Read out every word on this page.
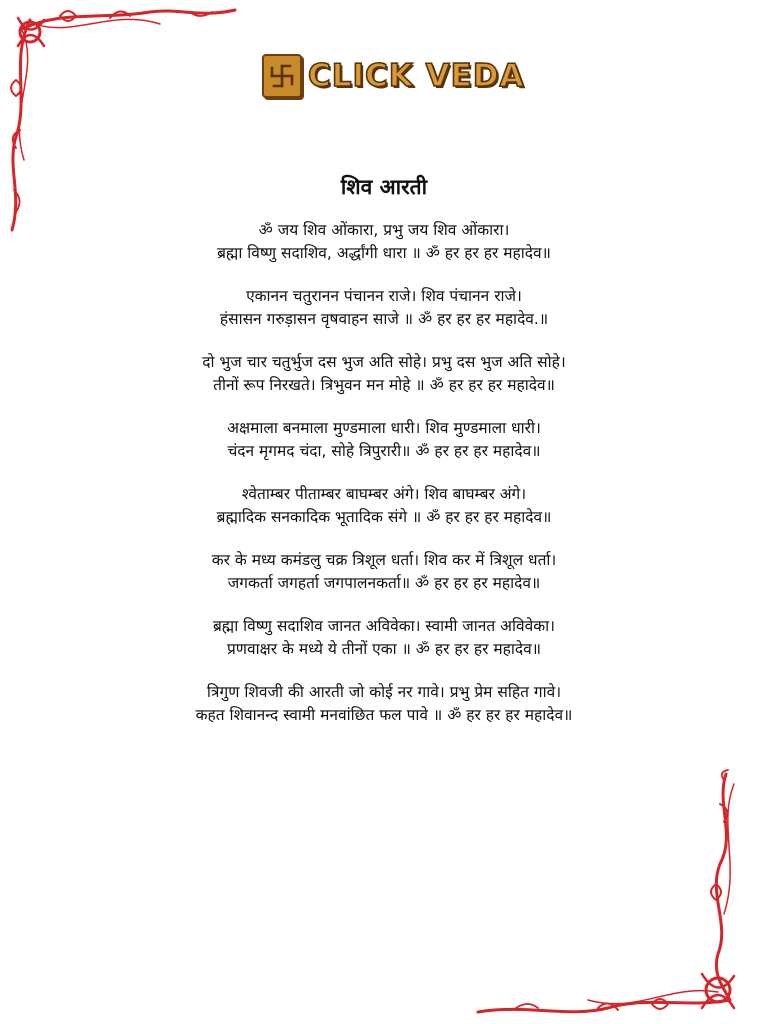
CLICK VEDA
शिव आरती
ॐ जय शिव ओंकारा, प्रभु जय शिव ओंकारा।
ब्रह्मा विष्णु सदाशिव, अर्द्धांगी धारा ॥ ॐ हर हर हर महादेव॥
एकानन चतुरानन पंचानन राजे। शिव पंचानन राजे।
हंसासन गरुड़ासन वृषवाहन साजे ॥ ॐ हर हर हर महादेव.॥
दो भुज चार चतुर्भुज दस भुज अति सोहे। प्रभु दस भुज अति सोहे।
तीनों रूप निरखते। त्रिभुवन मन मोहे ॥ ॐ हर हर हर महादेव॥
अक्षमाला बनमाला मुण्डमाला धारी। शिव मुण्डमाला धारी।
चंदन मृगमद चंदा, सोहे त्रिपुरारी॥ ॐ हर हर हर महादेव॥
श्वेताम्बर पीताम्बर बाघम्बर अंगे। शिव बाघम्बर अंगे।
ब्रह्मादिक सनकादिक भूतादिक संगे ॥ ॐ हर हर हर महादेव॥
कर के मध्य कमंडलु चक्र त्रिशूल धर्ता। शिव कर में त्रिशूल धर्ता।
जगकर्ता जगहर्ता जगपालनकर्ता॥ ॐ हर हर हर महादेव॥
ब्रह्मा विष्णु सदाशिव जानत अविवेका। स्वामी जानत अविवेका।
प्रणवाक्षर के मध्ये ये तीनों एका ॥ ॐ हर हर हर महादेव॥
त्रिगुण शिवजी की आरती जो कोई नर गावे। प्रभु प्रेम सहित गावे।
कहत शिवानन्द स्वामी मनवांछित फल पावे ॥ ॐ हर हर हर महादेव॥
